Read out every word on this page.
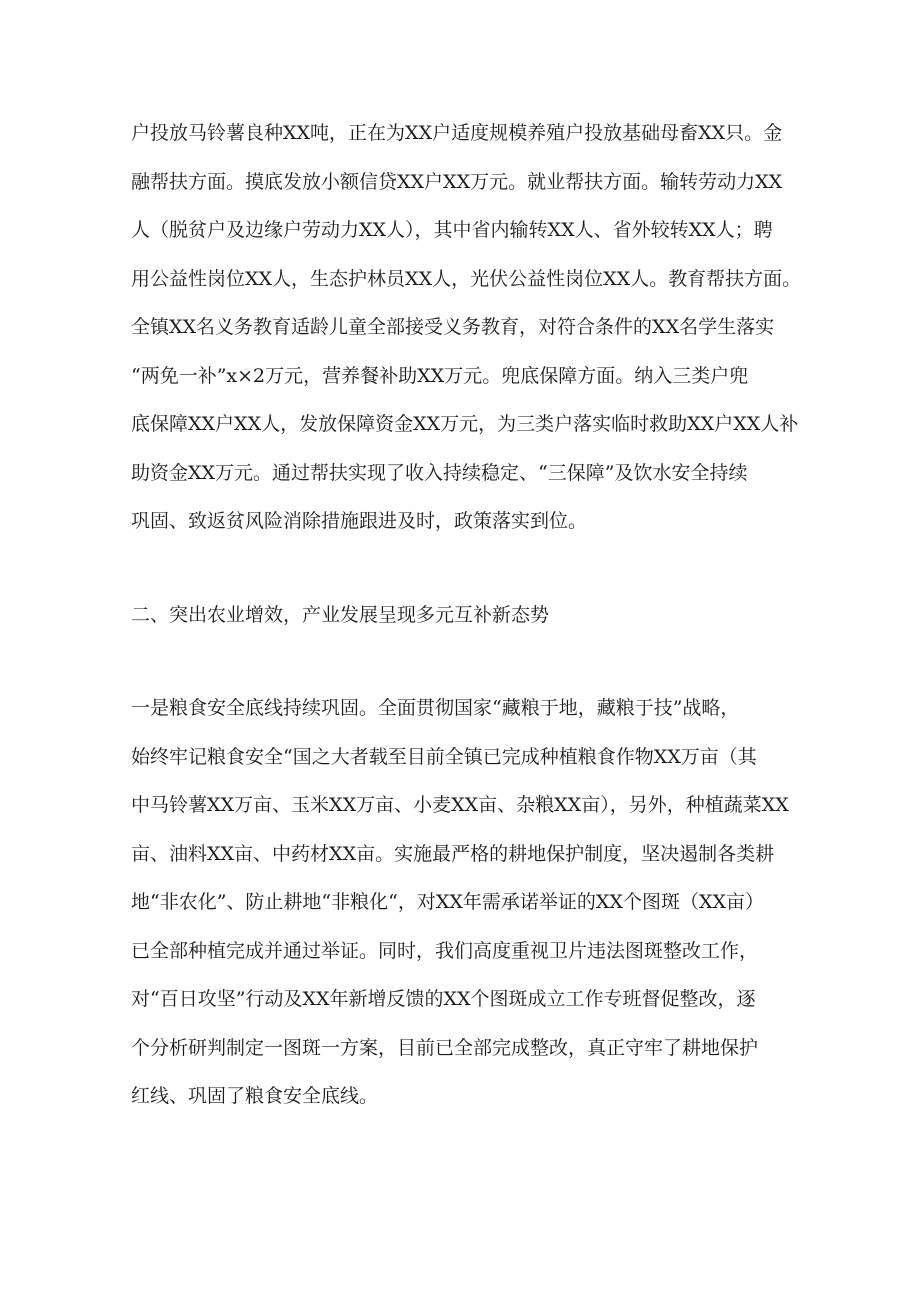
户投放马铃薯良种XX吨，正在为XX户适度规模养殖户投放基础母畜XX只。金
融帮扶方面。摸底发放小额信贷XX户XX万元。就业帮扶方面。输转劳动力XX
人（脱贫户及边缘户劳动力XX人），其中省内输转XX人、省外较转XX人；聘
用公益性岗位XX人，生态护林员XX人，光伏公益性岗位XX人。教育帮扶方面。
全镇XX名义务教育适龄儿童全部接受义务教育，对符合条件的XX名学生落实
“两免一补”x×2万元，营养餐补助XX万元。兜底保障方面。纳入三类户兜
底保障XX户XX人，发放保障资金XX万元，为三类户落实临时救助XX户XX人补
助资金XX万元。通过帮扶实现了收入持续稳定、“三保障”及饮水安全持续
巩固、致返贫风险消除措施跟进及时，政策落实到位。
二、突出农业增效，产业发展呈现多元互补新态势
一是粮食安全底线持续巩固。全面贯彻国家“藏粮于地，藏粮于技”战略，
始终牢记粮食安全“国之大者载至目前全镇已完成种植粮食作物XX万亩（其
中马铃薯XX万亩、玉米XX万亩、小麦XX亩、杂粮XX亩），另外，种植蔬菜XX
亩、油料XX亩、中药材XX亩。实施最严格的耕地保护制度，坚决遏制各类耕
地“非农化”、防止耕地“非粮化“，对XX年需承诺举证的XX个图斑（XX亩）
已全部种植完成并通过举证。同时，我们高度重视卫片违法图斑整改工作，
对“百日攻坚”行动及XX年新增反馈的XX个图斑成立工作专班督促整改，逐
个分析研判制定一图斑一方案，目前已全部完成整改，真正守牢了耕地保护
红线、巩固了粮食安全底线。
